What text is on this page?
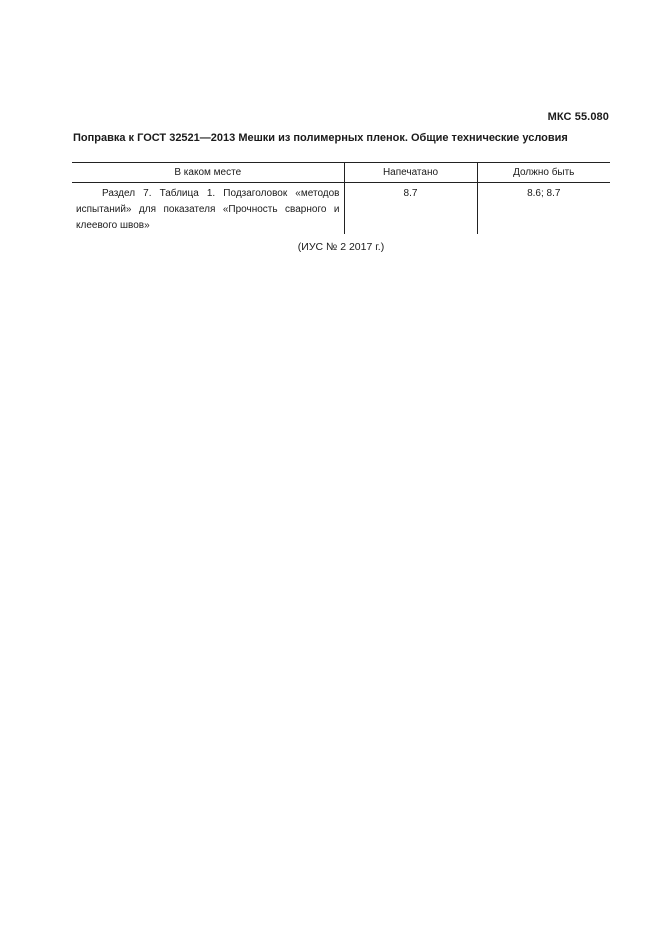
МКС 55.080
Поправка к ГОСТ 32521—2013 Мешки из полимерных пленок. Общие технические условия
В каком месте	Напечатано	Должно быть
Раздел 7. Таблица 1. Подзаголовок «методов испытаний» для показателя «Прочность сварного и клеевого швов»	8.7	8.6; 8.7
(ИУС № 2 2017 г.)
